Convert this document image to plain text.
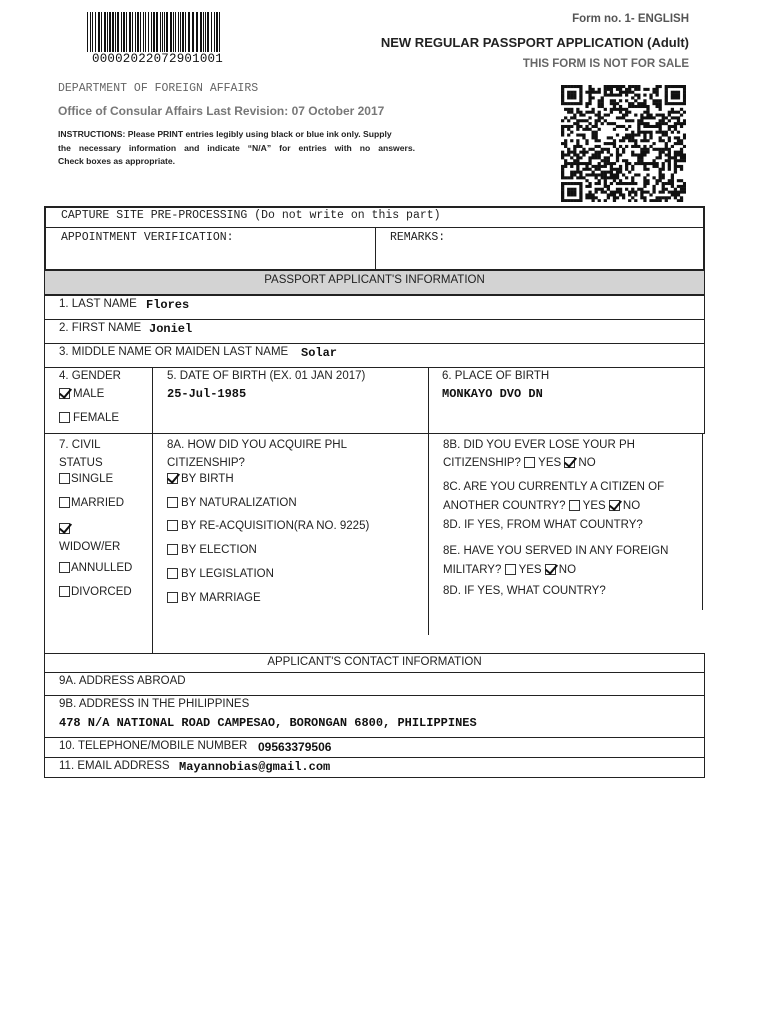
00002022072901001
Form no. 1- ENGLISH
NEW REGULAR PASSPORT APPLICATION (Adult)
THIS FORM IS NOT FOR SALE
DEPARTMENT OF FOREIGN AFFAIRS
Office of Consular Affairs Last Revision: 07 October 2017
INSTRUCTIONS: Please PRINT entries legibly using black or blue ink only. Supply
the necessary information and indicate “N/A” for entries with no answers.
Check boxes as appropriate.
CAPTURE SITE PRE-PROCESSING (Do not write on this part)
APPOINTMENT VERIFICATION:	REMARKS:
PASSPORT APPLICANT'S INFORMATION
1. LAST NAME Flores
2. FIRST NAME Joniel
3. MIDDLE NAME OR MAIDEN LAST NAME Solar
4. GENDER
MALE
FEMALE
5. DATE OF BIRTH (EX. 01 JAN 2017)
25-Jul-1985
6. PLACE OF BIRTH
MONKAYO DVO DN
7. CIVIL
STATUS
SINGLE
MARRIED
WIDOW/ER
ANNULLED
DIVORCED
8A. HOW DID YOU ACQUIRE PHL
CITIZENSHIP?
BY BIRTH
BY NATURALIZATION
BY RE-ACQUISITION(RA NO. 9225)
BY ELECTION
BY LEGISLATION
BY MARRIAGE
8B. DID YOU EVER LOSE YOUR PH
CITIZENSHIP? YES NO
8C. ARE YOU CURRENTLY A CITIZEN OF
ANOTHER COUNTRY? YES NO
8D. IF YES, FROM WHAT COUNTRY?
8E. HAVE YOU SERVED IN ANY FOREIGN
MILITARY? YES NO
8D. IF YES, WHAT COUNTRY?
APPLICANT'S CONTACT INFORMATION
9A. ADDRESS ABROAD
9B. ADDRESS IN THE PHILIPPINES
478 N/A NATIONAL ROAD CAMPESAO, BORONGAN 6800, PHILIPPINES
10. TELEPHONE/MOBILE NUMBER 09563379506
11. EMAIL ADDRESS Mayannobias@gmail.com
